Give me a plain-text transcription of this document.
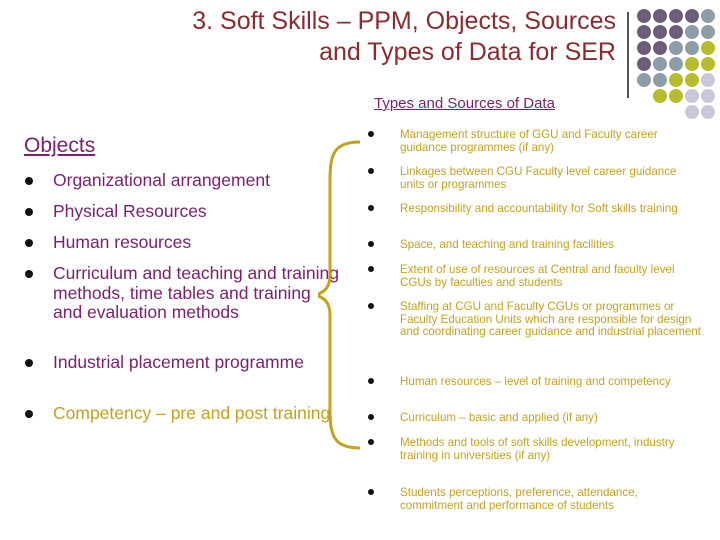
3. Soft Skills – PPM, Objects, Sources
and Types of Data for SER
Types and Sources of Data
Objects
Organizational arrangement
Physical Resources
Human resources
Curriculum and teaching and training methods, time tables and training and evaluation methods
Industrial placement programme
Competency – pre and post training
Management structure of GGU and Faculty career guidance programmes (if any)
Linkages between CGU Faculty level career guidance units or programmes
Responsibility and accountability for Soft skills training
Space, and teaching and training facilities
Extent of use of resources at Central and faculty level CGUs by faculties and students
Staffing at CGU and Faculty CGUs or programmes or Faculty Education Units which are responsible for design and coordinating career guidance and industrial placement
Human resources – level of training and competency
Curriculum – basic and applied (if any)
Methods and tools of soft skills development, industry training in universities (if any)
Students perceptions, preference, attendance, commitment and performance of students
